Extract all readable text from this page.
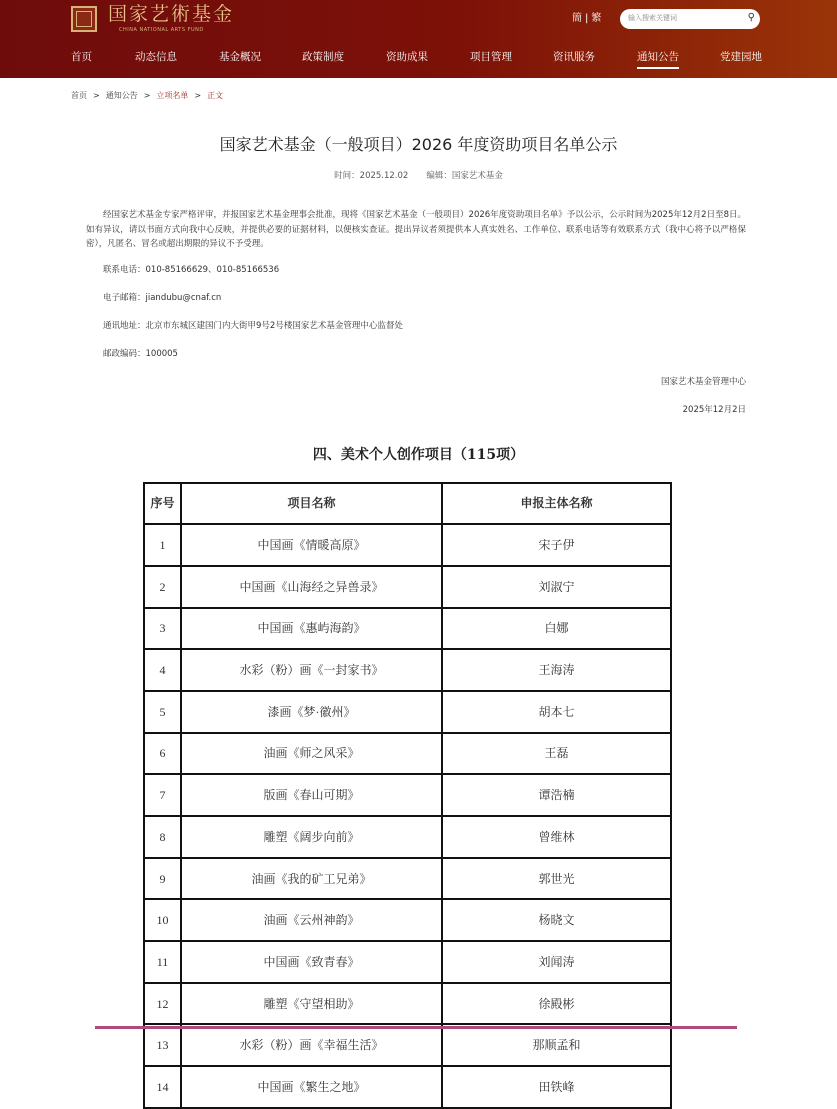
国家艺術基金
CHINA NATIONAL ARTS FUND
簡 | 繁	输入搜索关键词	⚲
首页	动态信息	基金概况	政策制度	资助成果	项目管理	资讯服务	通知公告	党建园地
首页 > 通知公告 > 立项名单 > 正文
国家艺术基金（一般项目）2026 年度资助项目名单公示
时间：2025.12.02 编辑：国家艺术基金
经国家艺术基金专家严格评审，并报国家艺术基金理事会批准，现将《国家艺术基金（一般项目）2026年度资助项目名单》予以公示，公示时间为2025年12月2日至8日。如有异议，请以书面方式向我中心反映，并提供必要的证据材料，以便核实查证。提出异议者须提供本人真实姓名、工作单位、联系电话等有效联系方式（我中心将予以严格保密），凡匿名、冒名或超出期限的异议不予受理。
联系电话：010-85166629、010-85166536
电子邮箱：jiandubu@cnaf.cn
通讯地址：北京市东城区建国门内大街甲9号2号楼国家艺术基金管理中心监督处
邮政编码：100005
国家艺术基金管理中心
2025年12月2日
四、美术个人创作项目（115项）
序号	项目名称	申报主体名称
1	中国画《情暖高原》	宋子伊
2	中国画《山海经之异兽录》	刘淑宁
3	中国画《惠屿海韵》	白娜
4	水彩（粉）画《一封家书》	王海涛
5	漆画《梦·徽州》	胡本七
6	油画《师之风采》	王磊
7	版画《春山可期》	谭浩楠
8	雕塑《阔步向前》	曾维林
9	油画《我的矿工兄弟》	郭世光
10	油画《云州神韵》	杨晓文
11	中国画《致青春》	刘闻涛
12	雕塑《守望相助》	徐殿彬
13	水彩（粉）画《幸福生活》	那顺孟和
14	中国画《繁生之地》	田铁峰
